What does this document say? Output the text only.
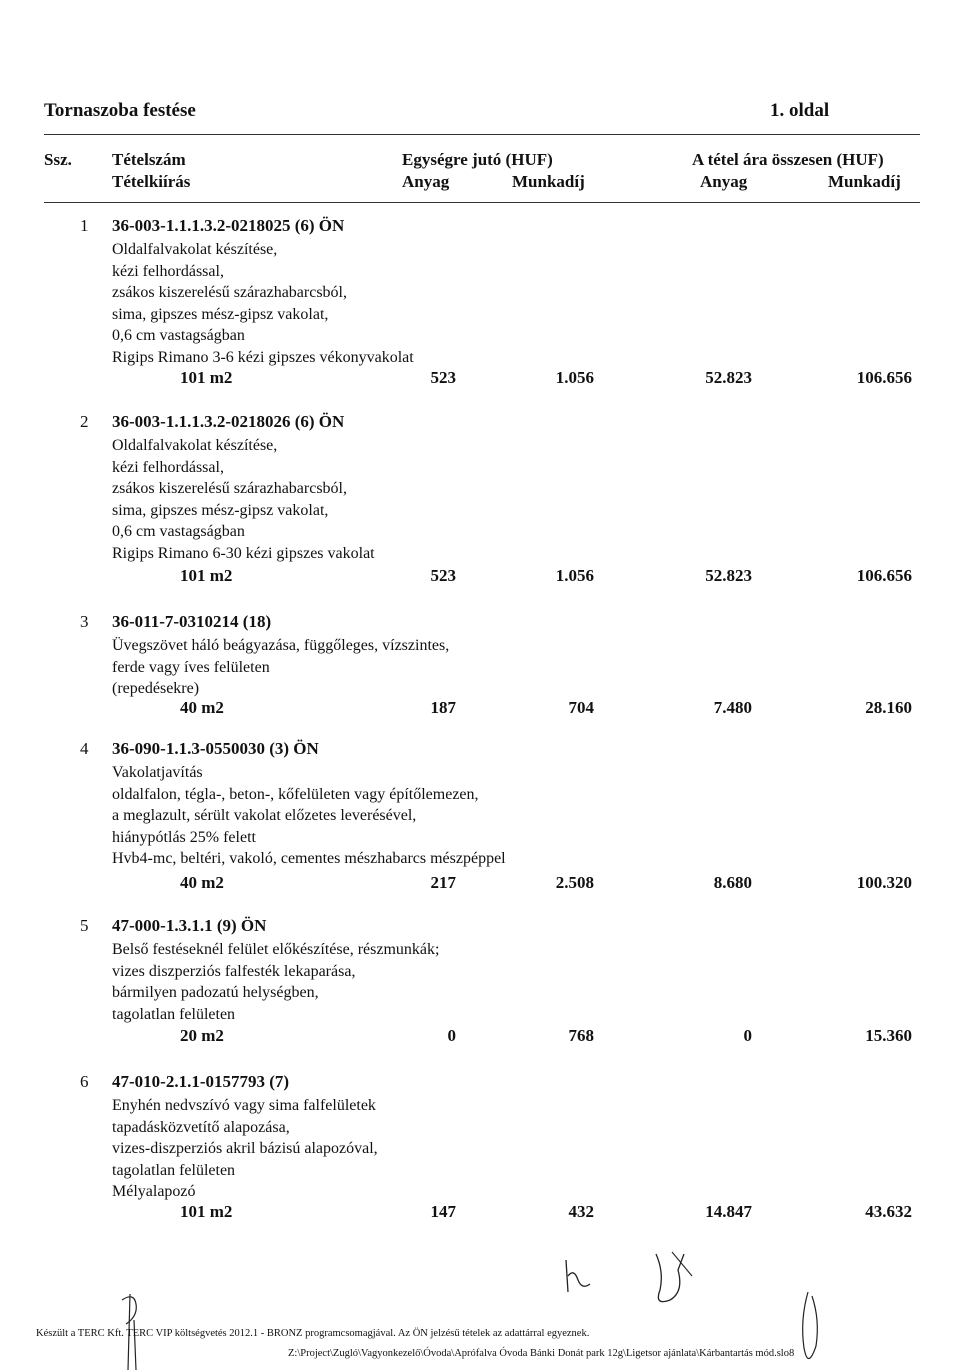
Tornaszoba festése	1. oldal
Ssz. Tételszám
Tételkiírás
Egységre jutó (HUF)	A tétel ára összesen (HUF)
Anyag	Munkadíj	Anyag	Munkadíj
1 36-003-1.1.1.3.2-0218025 (6) ÖN
Oldalfalvakolat készítése,
kézi felhordással,
zsákos kiszerelésű szárazhabarcsból,
sima, gipszes mész-gipsz vakolat,
0,6 cm vastagságban
Rigips Rimano 3-6 kézi gipszes vékonyvakolat
101 m2	523	1.056	52.823	106.656
2 36-003-1.1.1.3.2-0218026 (6) ÖN
Oldalfalvakolat készítése,
kézi felhordással,
zsákos kiszerelésű szárazhabarcsból,
sima, gipszes mész-gipsz vakolat,
0,6 cm vastagságban
Rigips Rimano 6-30 kézi gipszes vakolat
101 m2	523	1.056	52.823	106.656
3 36-011-7-0310214 (18)
Üvegszövet háló beágyazása, függőleges, vízszintes,
ferde vagy íves felületen
(repedésekre)
40 m2	187	704	7.480	28.160
4 36-090-1.1.3-0550030 (3) ÖN
Vakolatjavítás
oldalfalon, tégla-, beton-, kőfelületen vagy építőlemezen,
a meglazult, sérült vakolat előzetes leverésével,
hiánypótlás 25% felett
Hvb4-mc, beltéri, vakoló, cementes mészhabarcs mészpéppel
40 m2	217	2.508	8.680	100.320
5 47-000-1.3.1.1 (9) ÖN
Belső festéseknél felület előkészítése, részmunkák;
vizes diszperziós falfesték lekaparása,
bármilyen padozatú helységben,
tagolatlan felületen
20 m2	0	768	0	15.360
6 47-010-2.1.1-0157793 (7)
Enyhén nedvszívó vagy sima falfelületek
tapadásközvetítő alapozása,
vizes-diszperziós akril bázisú alapozóval,
tagolatlan felületen
Mélyalapozó
101 m2	147	432	14.847	43.632
Készült a TERC Kft. TERC VIP költségvetés 2012.1 - BRONZ programcsomagjával. Az ÖN jelzésű tételek az adattárral egyeznek.
Z:\Project\Zugló\Vagyonkezelő\Óvoda\Aprófalva Óvoda Bánki Donát park 12g\Ligetsor ajánlata\Kárbantartás mód.slo8
